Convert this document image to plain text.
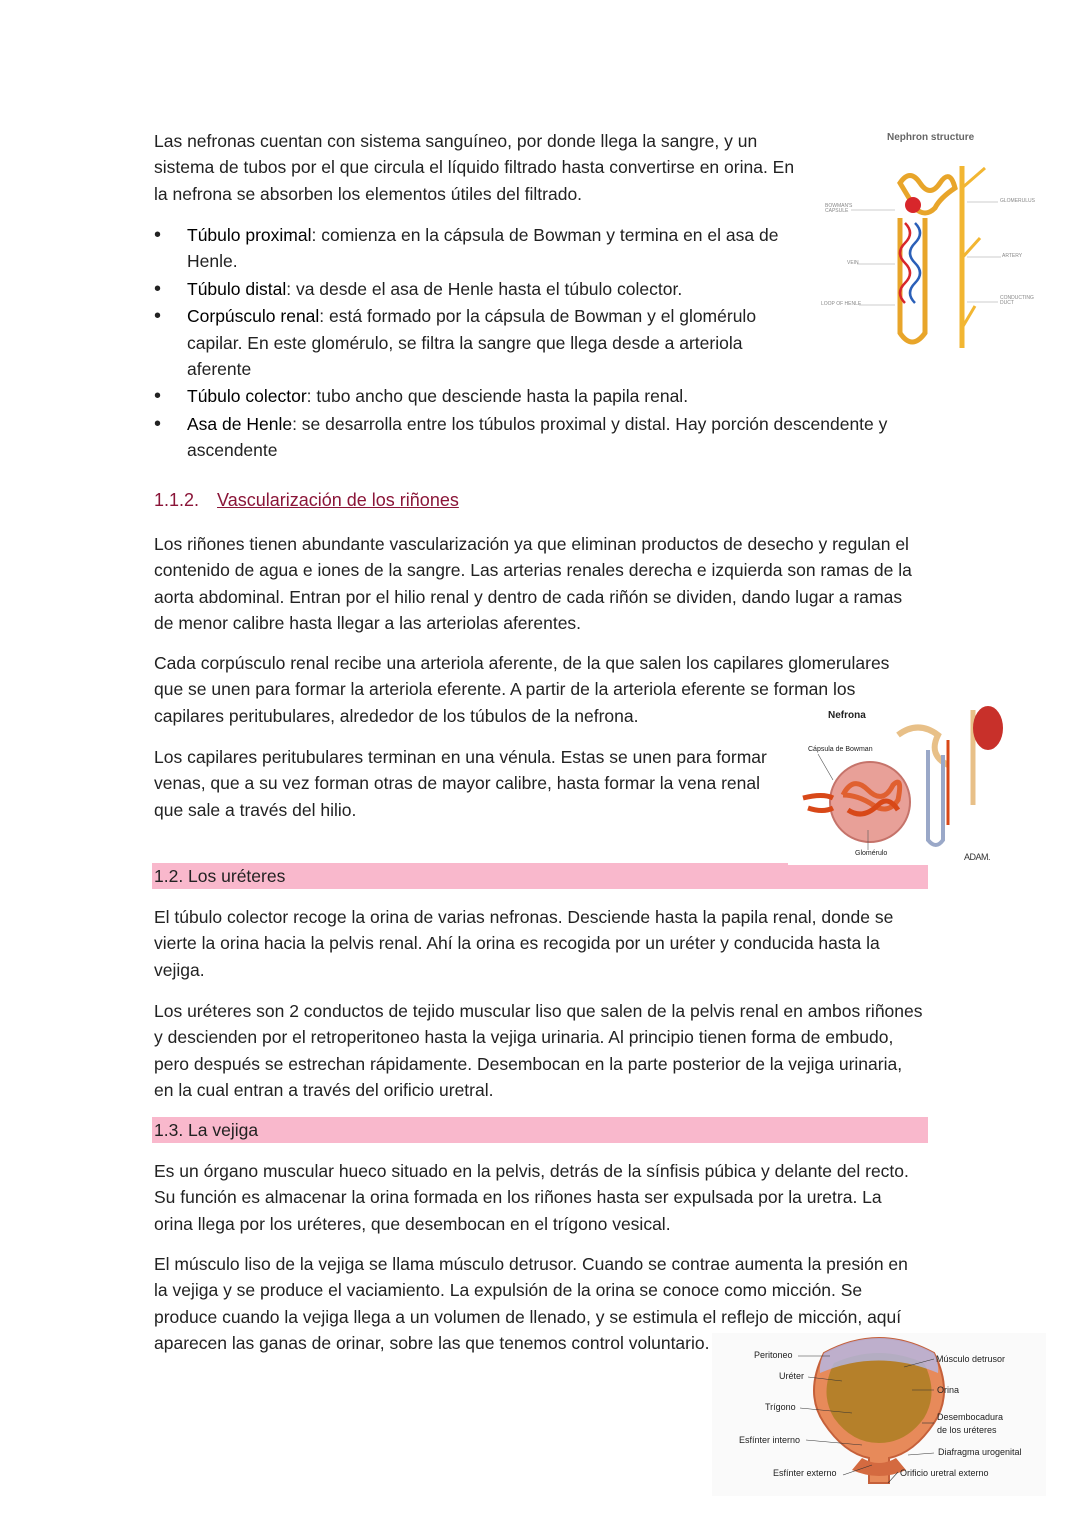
Las nefronas cuentan con sistema sanguíneo, por donde llega la sangre, y un sistema de tubos por el que circula el líquido filtrado hasta convertirse en orina. En la nefrona se absorben los elementos útiles del filtrado.

• Túbulo proximal: comienza en la cápsula de Bowman y termina en el asa de Henle.
• Túbulo distal: va desde el asa de Henle hasta el túbulo colector.
• Corpúsculo renal: está formado por la cápsula de Bowman y el glomérulo capilar. En este glomérulo, se filtra la sangre que llega desde a arteriola aferente
• Túbulo colector: tubo ancho que desciende hasta la papila renal.
• Asa de Henle: se desarrolla entre los túbulos proximal y distal. Hay porción descendente y ascendente
Nephron structure
BOWMAN'S CAPSULE
VEIN
LOOP OF HENLE
GLOMERULUS
ARTERY
CONDUCTING DUCT
1.1.2. Vascularización de los riñones

Los riñones tienen abundante vascularización ya que eliminan productos de desecho y regulan el contenido de agua e iones de la sangre. Las arterias renales derecha e izquierda son ramas de la aorta abdominal. Entran por el hilio renal y dentro de cada riñón se dividen, dando lugar a ramas de menor calibre hasta llegar a las arteriolas aferentes.

Cada corpúsculo renal recibe una arteriola aferente, de la que salen los capilares glomerulares que se unen para formar la arteriola eferente. A partir de la arteriola eferente se forman los capilares peritubulares, alrededor de los túbulos de la nefrona.

Los capilares peritubulares terminan en una vénula. Estas se unen para formar venas, que a su vez forman otras de mayor calibre, hasta formar la vena renal que sale a través del hilio.

1.2. Los uréteres
Nefrona
Cápsula de Bowman
Glomérulo	ADAM.

El túbulo colector recoge la orina de varias nefronas. Desciende hasta la papila renal, donde se vierte la orina hacia la pelvis renal. Ahí la orina es recogida por un uréter y conducida hasta la vejiga.

Los uréteres son 2 conductos de tejido muscular liso que salen de la pelvis renal en ambos riñones y descienden por el retroperitoneo hasta la vejiga urinaria. Al principio tienen forma de embudo, pero después se estrechan rápidamente. Desembocan en la parte posterior de la vejiga urinaria, en la cual entran a través del orificio uretral.

1.3. La vejiga

Es un órgano muscular hueco situado en la pelvis, detrás de la sínfisis púbica y delante del recto. Su función es almacenar la orina formada en los riñones hasta ser expulsada por la uretra. La orina llega por los uréteres, que desembocan en el trígono vesical.

El músculo liso de la vejiga se llama músculo detrusor. Cuando se contrae aumenta la presión en la vejiga y se produce el vaciamiento. La expulsión de la orina se conoce como micción. Se produce cuando la vejiga llega a un volumen de llenado, y se estimula el reflejo de micción, aquí aparecen las ganas de orinar, sobre las que tenemos control voluntario.

Peritoneo
Uréter
Trígono
Esfínter interno
Esfínter externo
Músculo detrusor
Orina
Desembocadura
de los uréteres
Diafragma urogenital
Orificio uretral externo
